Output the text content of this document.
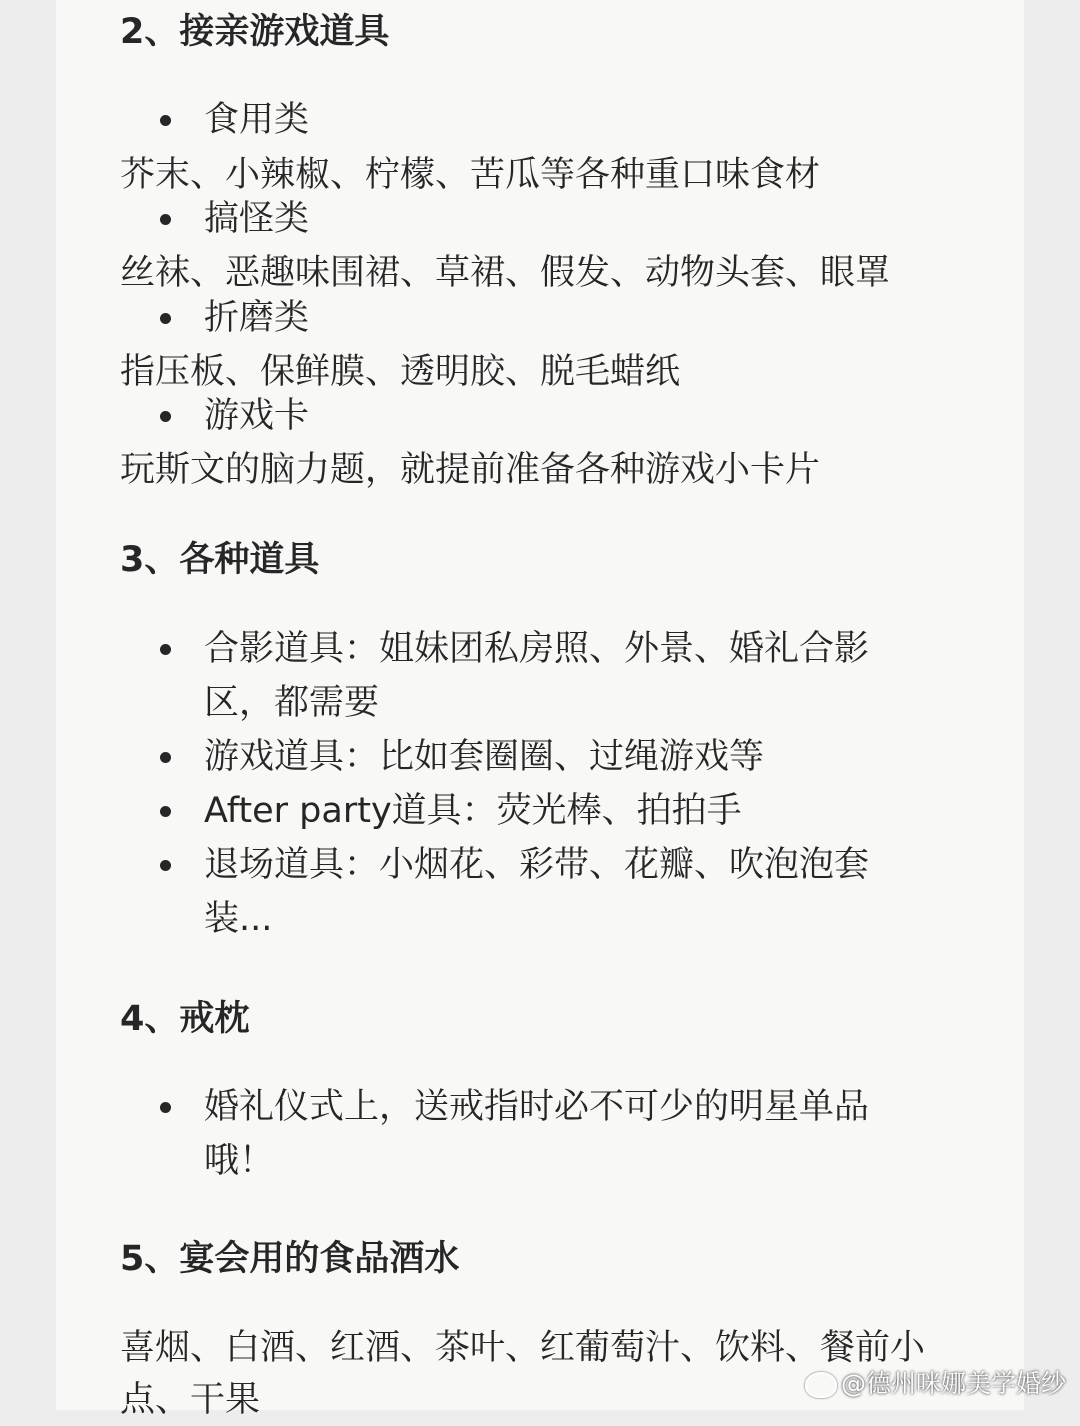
2、接亲游戏道具
食用类
芥末、小辣椒、柠檬、苦瓜等各种重口味食材
搞怪类
丝袜、恶趣味围裙、草裙、假发、动物头套、眼罩
折磨类
指压板、保鲜膜、透明胶、脱毛蜡纸
游戏卡
玩斯文的脑力题，就提前准备各种游戏小卡片
3、各种道具
合影道具：姐妹团私房照、外景、婚礼合影区，都需要
游戏道具：比如套圈圈、过绳游戏等
After party道具：荧光棒、拍拍手
退场道具：小烟花、彩带、花瓣、吹泡泡套装...
4、戒枕
婚礼仪式上，送戒指时必不可少的明星单品哦！
5、宴会用的食品酒水
喜烟、白酒、红酒、茶叶、红葡萄汁、饮料、餐前小点、干果	@德州咪娜美学婚纱
